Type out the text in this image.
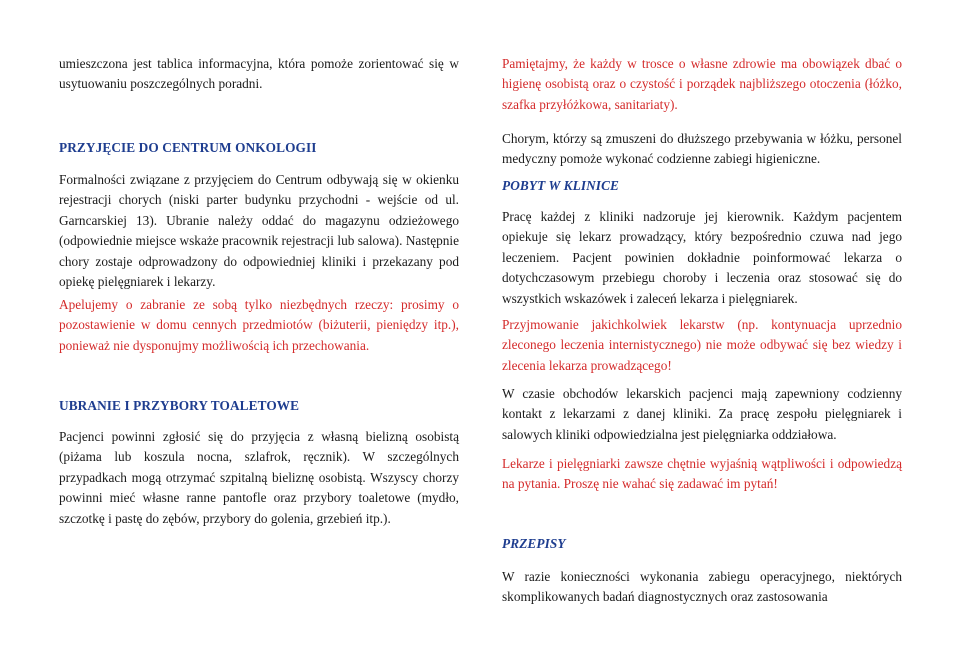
umieszczona jest tablica informacyjna, która pomoże zorientować się w usytuowaniu poszczególnych poradni.

PRZYJĘCIE DO CENTRUM ONKOLOGII

Formalności związane z przyjęciem do Centrum odbywają się w okienku rejestracji chorych (niski parter budynku przychodni - wejście od ul. Garncarskiej 13). Ubranie należy oddać do magazynu odzieżowego (odpowiednie miejsce wskaże pracownik rejestracji lub salowa). Następnie chory zostaje odprowadzony do odpowiedniej kliniki i przekazany pod opiekę pielęgniarek i lekarzy.

Apelujemy o zabranie ze sobą tylko niezbędnych rzeczy: prosimy o pozostawienie w domu cennych przedmiotów (biżuterii, pieniędzy itp.), ponieważ nie dysponujmy możliwością ich przechowania.

UBRANIE I PRZYBORY TOALETOWE

Pacjenci powinni zgłosić się do przyjęcia z własną bielizną osobistą (piżama lub koszula nocna, szlafrok, ręcznik). W szczególnych przypadkach mogą otrzymać szpitalną bieliznę osobistą. Wszyscy chorzy powinni mieć własne ranne pantofle oraz przybory toaletowe (mydło, szczotkę i pastę do zębów, przybory do golenia, grzebień itp.).

Pamiętajmy, że każdy w trosce o własne zdrowie ma obowiązek dbać o higienę osobistą oraz o czystość i porządek najbliższego otoczenia (łóżko, szafka przyłóżkowa, sanitariaty).

Chorym, którzy są zmuszeni do dłuższego przebywania w łóżku, personel medyczny pomoże wykonać codzienne zabiegi higieniczne.

POBYT W KLINICE

Pracę każdej z kliniki nadzoruje jej kierownik. Każdym pacjentem opiekuje się lekarz prowadzący, który bezpośrednio czuwa nad jego leczeniem. Pacjent powinien dokładnie poinformować lekarza o dotychczasowym przebiegu choroby i leczenia oraz stosować się do wszystkich wskazówek i zaleceń lekarza i pielęgniarek.

Przyjmowanie jakichkolwiek lekarstw (np. kontynuacja uprzednio zleconego leczenia internistycznego) nie może odbywać się bez wiedzy i zlecenia lekarza prowadzącego!

W czasie obchodów lekarskich pacjenci mają zapewniony codzienny kontakt z lekarzami z danej kliniki. Za pracę zespołu pielęgniarek i salowych kliniki odpowiedzialna jest pielęgniarka oddziałowa.

Lekarze i pielęgniarki zawsze chętnie wyjaśnią wątpliwości i odpowiedzą na pytania. Proszę nie wahać się zadawać im pytań!

PRZEPISY

W razie konieczności wykonania zabiegu operacyjnego, niektórych skomplikowanych badań diagnostycznych oraz zastosowania
